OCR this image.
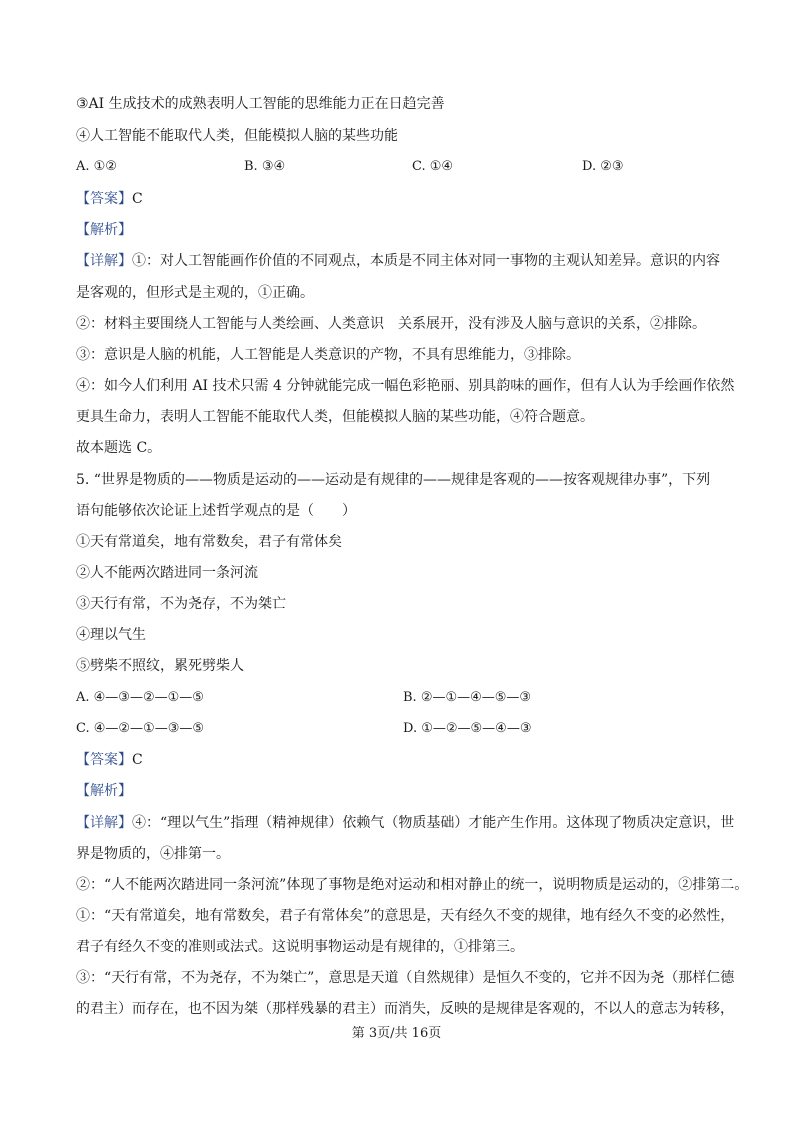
③AI 生成技术的成熟表明人工智能的思维能力正在日趋完善
④人工智能不能取代人类，但能模拟人脑的某些功能
A. ①②	B. ③④	C. ①④	D. ②③
【答案】C
【解析】
【详解】①：对人工智能画作价值的不同观点，本质是不同主体对同一事物的主观认知差异。意识的内容
是客观的，但形式是主观的，①正确。
②：材料主要围绕人工智能与人类绘画、人类意识　关系展开，没有涉及人脑与意识的关系，②排除。
③：意识是人脑的机能，人工智能是人类意识的产物，不具有思维能力，③排除。
④：如今人们利用 AI 技术只需 4 分钟就能完成一幅色彩艳丽、别具韵味的画作，但有人认为手绘画作依然
更具生命力，表明人工智能不能取代人类，但能模拟人脑的某些功能，④符合题意。
故本题选 C。
5. “世界是物质的——物质是运动的——运动是有规律的——规律是客观的——按客观规律办事”，下列
语句能够依次论证上述哲学观点的是（　　）
①天有常道矣，地有常数矣，君子有常体矣
②人不能两次踏进同一条河流
③天行有常，不为尧存，不为桀亡
④理以气生
⑤劈柴不照纹，累死劈柴人
A. ④—③—②—①—⑤	B. ②—①—④—⑤—③
C. ④—②—①—③—⑤	D. ①—②—⑤—④—③
【答案】C
【解析】
【详解】④：“理以气生”指理（精神规律）依赖气（物质基础）才能产生作用。这体现了物质决定意识，世
界是物质的，④排第一。
②：“人不能两次踏进同一条河流”体现了事物是绝对运动和相对静止的统一，说明物质是运动的，②排第二。
①：“天有常道矣，地有常数矣，君子有常体矣”的意思是，天有经久不变的规律，地有经久不变的必然性，
君子有经久不变的准则或法式。这说明事物运动是有规律的，①排第三。
③：“天行有常，不为尧存，不为桀亡”，意思是天道（自然规律）是恒久不变的，它并不因为尧（那样仁德
的君主）而存在，也不因为桀（那样残暴的君主）而消失，反映的是规律是客观的，不以人的意志为转移，
第 3页/共 16页
